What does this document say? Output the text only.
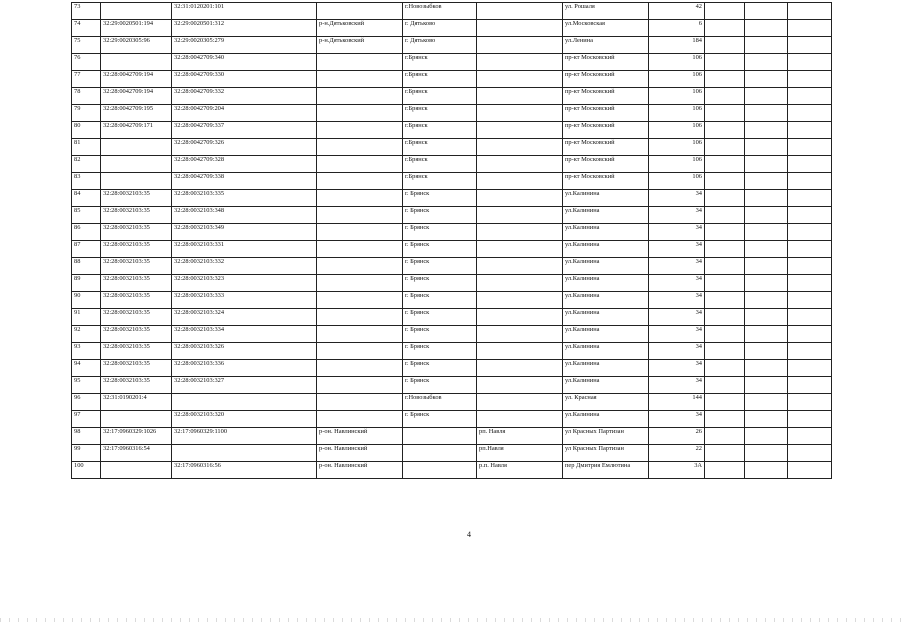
73		32:31:0120201:101		г.Новозыбков		ул. Рошаля	42			
74	32:29:0020501:194	32:29:0020501:312	р-н.Дятьковский	г. Дятьково		ул.Московская	6			
75	32:29:0020305:96	32:29:0020305:279	р-н.Дятьковский	г. Дятьково		ул.Ленина	184			
76		32:28:0042709:340		г.Брянск		пр-кт Московский	106			
77	32:28:0042709:194	32:28:0042709:330		г.Брянск		пр-кт Московский	106			
78	32:28:0042709:194	32:28:0042709:332		г.Брянск		пр-кт Московский	106			
79	32:28:0042709:195	32:28:0042709:204		г.Брянск		пр-кт Московский	106			
80	32:28:0042709:171	32:28:0042709:337		г.Брянск		пр-кт Московский	106			
81		32:28:0042709:326		г.Брянск		пр-кт Московский	106			
82		32:28:0042709:328		г.Брянск		пр-кт Московский	106			
83		32:28:0042709:338		г.Брянск		пр-кт Московский	106			
84	32:28:0032103:35	32:28:0032103:335		г. Брянск		ул.Калинина	34			
85	32:28:0032103:35	32:28:0032103:348		г. Брянск		ул.Калинина	34			
86	32:28:0032103:35	32:28:0032103:349		г. Брянск		ул.Калинина	34			
87	32:28:0032103:35	32:28:0032103:331		г. Брянск		ул.Калинина	34			
88	32:28:0032103:35	32:28:0032103:332		г. Брянск		ул.Калинина	34			
89	32:28:0032103:35	32:28:0032103:323		г. Брянск		ул.Калинина	34			
90	32:28:0032103:35	32:28:0032103:333		г. Брянск		ул.Калинина	34			
91	32:28:0032103:35	32:28:0032103:324		г. Брянск		ул.Калинина	34			
92	32:28:0032103:35	32:28:0032103:334		г. Брянск		ул.Калинина	34			
93	32:28:0032103:35	32:28:0032103:326		г. Брянск		ул.Калинина	34			
94	32:28:0032103:35	32:28:0032103:336		г. Брянск		ул.Калинина	34			
95	32:28:0032103:35	32:28:0032103:327		г. Брянск		ул.Калинина	34			
96	32:31:0190201:4			г.Новозыбков		ул. Красная	144			
97		32:28:0032103:320		г. Брянск		ул.Калинина	34			
98	32:17:0960329:1026	32:17:0960329:1100	р-он. Навлинский		рп. Навля	ул Красных Партизан	26			
99	32:17:0960316:54		р-он. Навлинский		рп.Навля	ул Красных Партизан	22			
100		32:17:0960316:56	р-он. Навлинский		р.п. Навля	пер Дмитрия Емлютина	3А			
4
